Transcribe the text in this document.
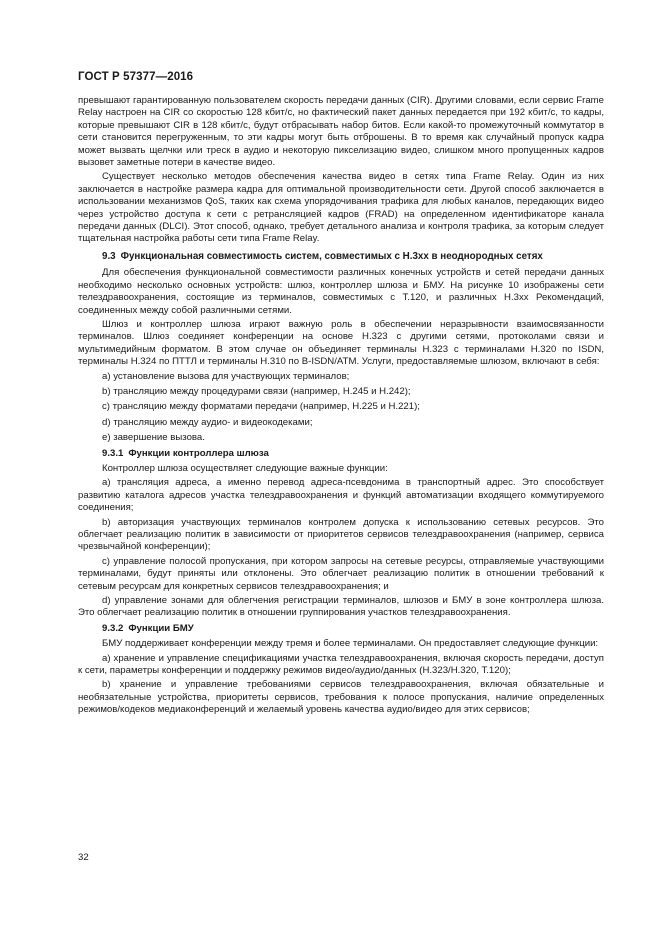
ГОСТ Р 57377—2016

превышают гарантированную пользователем скорость передачи данных (CIR). Другими словами, если сервис Frame Relay настроен на CIR со скоростью 128 кбит/с, но фактический пакет данных передается при 192 кбит/с, то кадры, которые превышают CIR в 128 кбит/с, будут отбрасывать набор битов. Если какой-то промежуточный коммутатор в сети становится перегруженным, то эти кадры могут быть отброшены. В то время как случайный пропуск кадра может вызвать щелчки или треск в аудио и некоторую пикселизацию видео, слишком много пропущенных кадров вызовет заметные потери в качестве видео.

Существует несколько методов обеспечения качества видео в сетях типа Frame Relay. Один из них заключается в настройке размера кадра для оптимальной производительности сети. Другой способ заключается в использовании механизмов QoS, таких как схема упорядочивания трафика для любых каналов, передающих видео через устройство доступа к сети с ретрансляцией кадров (FRAD) на определенном идентификаторе канала передачи данных (DLCI). Этот способ, однако, требует детального анализа и контроля трафика, за которым следует тщательная настройка работы сети типа Frame Relay.

9.3 Функциональная совместимость систем, совместимых с H.3xx в неоднородных сетях

Для обеспечения функциональной совместимости различных конечных устройств и сетей передачи данных необходимо несколько основных устройств: шлюз, контроллер шлюза и БМУ. На рисунке 10 изображены сети телездравоохранения, состоящие из терминалов, совместимых с Т.120, и различных H.3xx Рекомендаций, соединенных между собой различными сетями.

Шлюз и контроллер шлюза играют важную роль в обеспечении неразрывности взаимосвязанности терминалов. Шлюз соединяет конференции на основе H.323 с другими сетями, протоколами связи и мультимедийным форматом. В этом случае он объединяет терминалы H.323 с терминалами H.320 по ISDN, терминалы H.324 по ПТТЛ и терминалы H.310 по B-ISDN/ATM. Услуги, предоставляемые шлюзом, включают в себя:

а) установление вызова для участвующих терминалов;

b) трансляцию между процедурами связи (например, H.245 и H.242);

c) трансляцию между форматами передачи (например, H.225 и H.221);

d) трансляцию между аудио- и видеокодеками;

e) завершение вызова.

9.3.1 Функции контроллера шлюза

Контроллер шлюза осуществляет следующие важные функции:

а) трансляция адреса, а именно перевод адреса-псевдонима в транспортный адрес. Это способствует развитию каталога адресов участка телездравоохранения и функций автоматизации входящего коммутируемого соединения;

b) авторизация участвующих терминалов контролем допуска к использованию сетевых ресурсов. Это облегчает реализацию политик в зависимости от приоритетов сервисов телездравоохранения (например, сервиса чрезвычайной конференции);

c) управление полосой пропускания, при котором запросы на сетевые ресурсы, отправляемые участвующими терминалами, будут приняты или отклонены. Это облегчает реализацию политик в отношении требований к сетевым ресурсам для конкретных сервисов телездравоохранения; и

d) управление зонами для облегчения регистрации терминалов, шлюзов и БМУ в зоне контроллера шлюза. Это облегчает реализацию политик в отношении группирования участков телездравоохранения.

9.3.2 Функции БМУ

БМУ поддерживает конференции между тремя и более терминалами. Он предоставляет следующие функции:

а) хранение и управление спецификациями участка телездравоохранения, включая скорость передачи, доступ к сети, параметры конференции и поддержку режимов видео/аудио/данных (H.323/H.320, T.120);

b) хранение и управление требованиями сервисов телездравоохранения, включая обязательные и необязательные устройства, приоритеты сервисов, требования к полосе пропускания, наличие определенных режимов/кодеков медиаконференций и желаемый уровень качества аудио/видео для этих сервисов;

32
